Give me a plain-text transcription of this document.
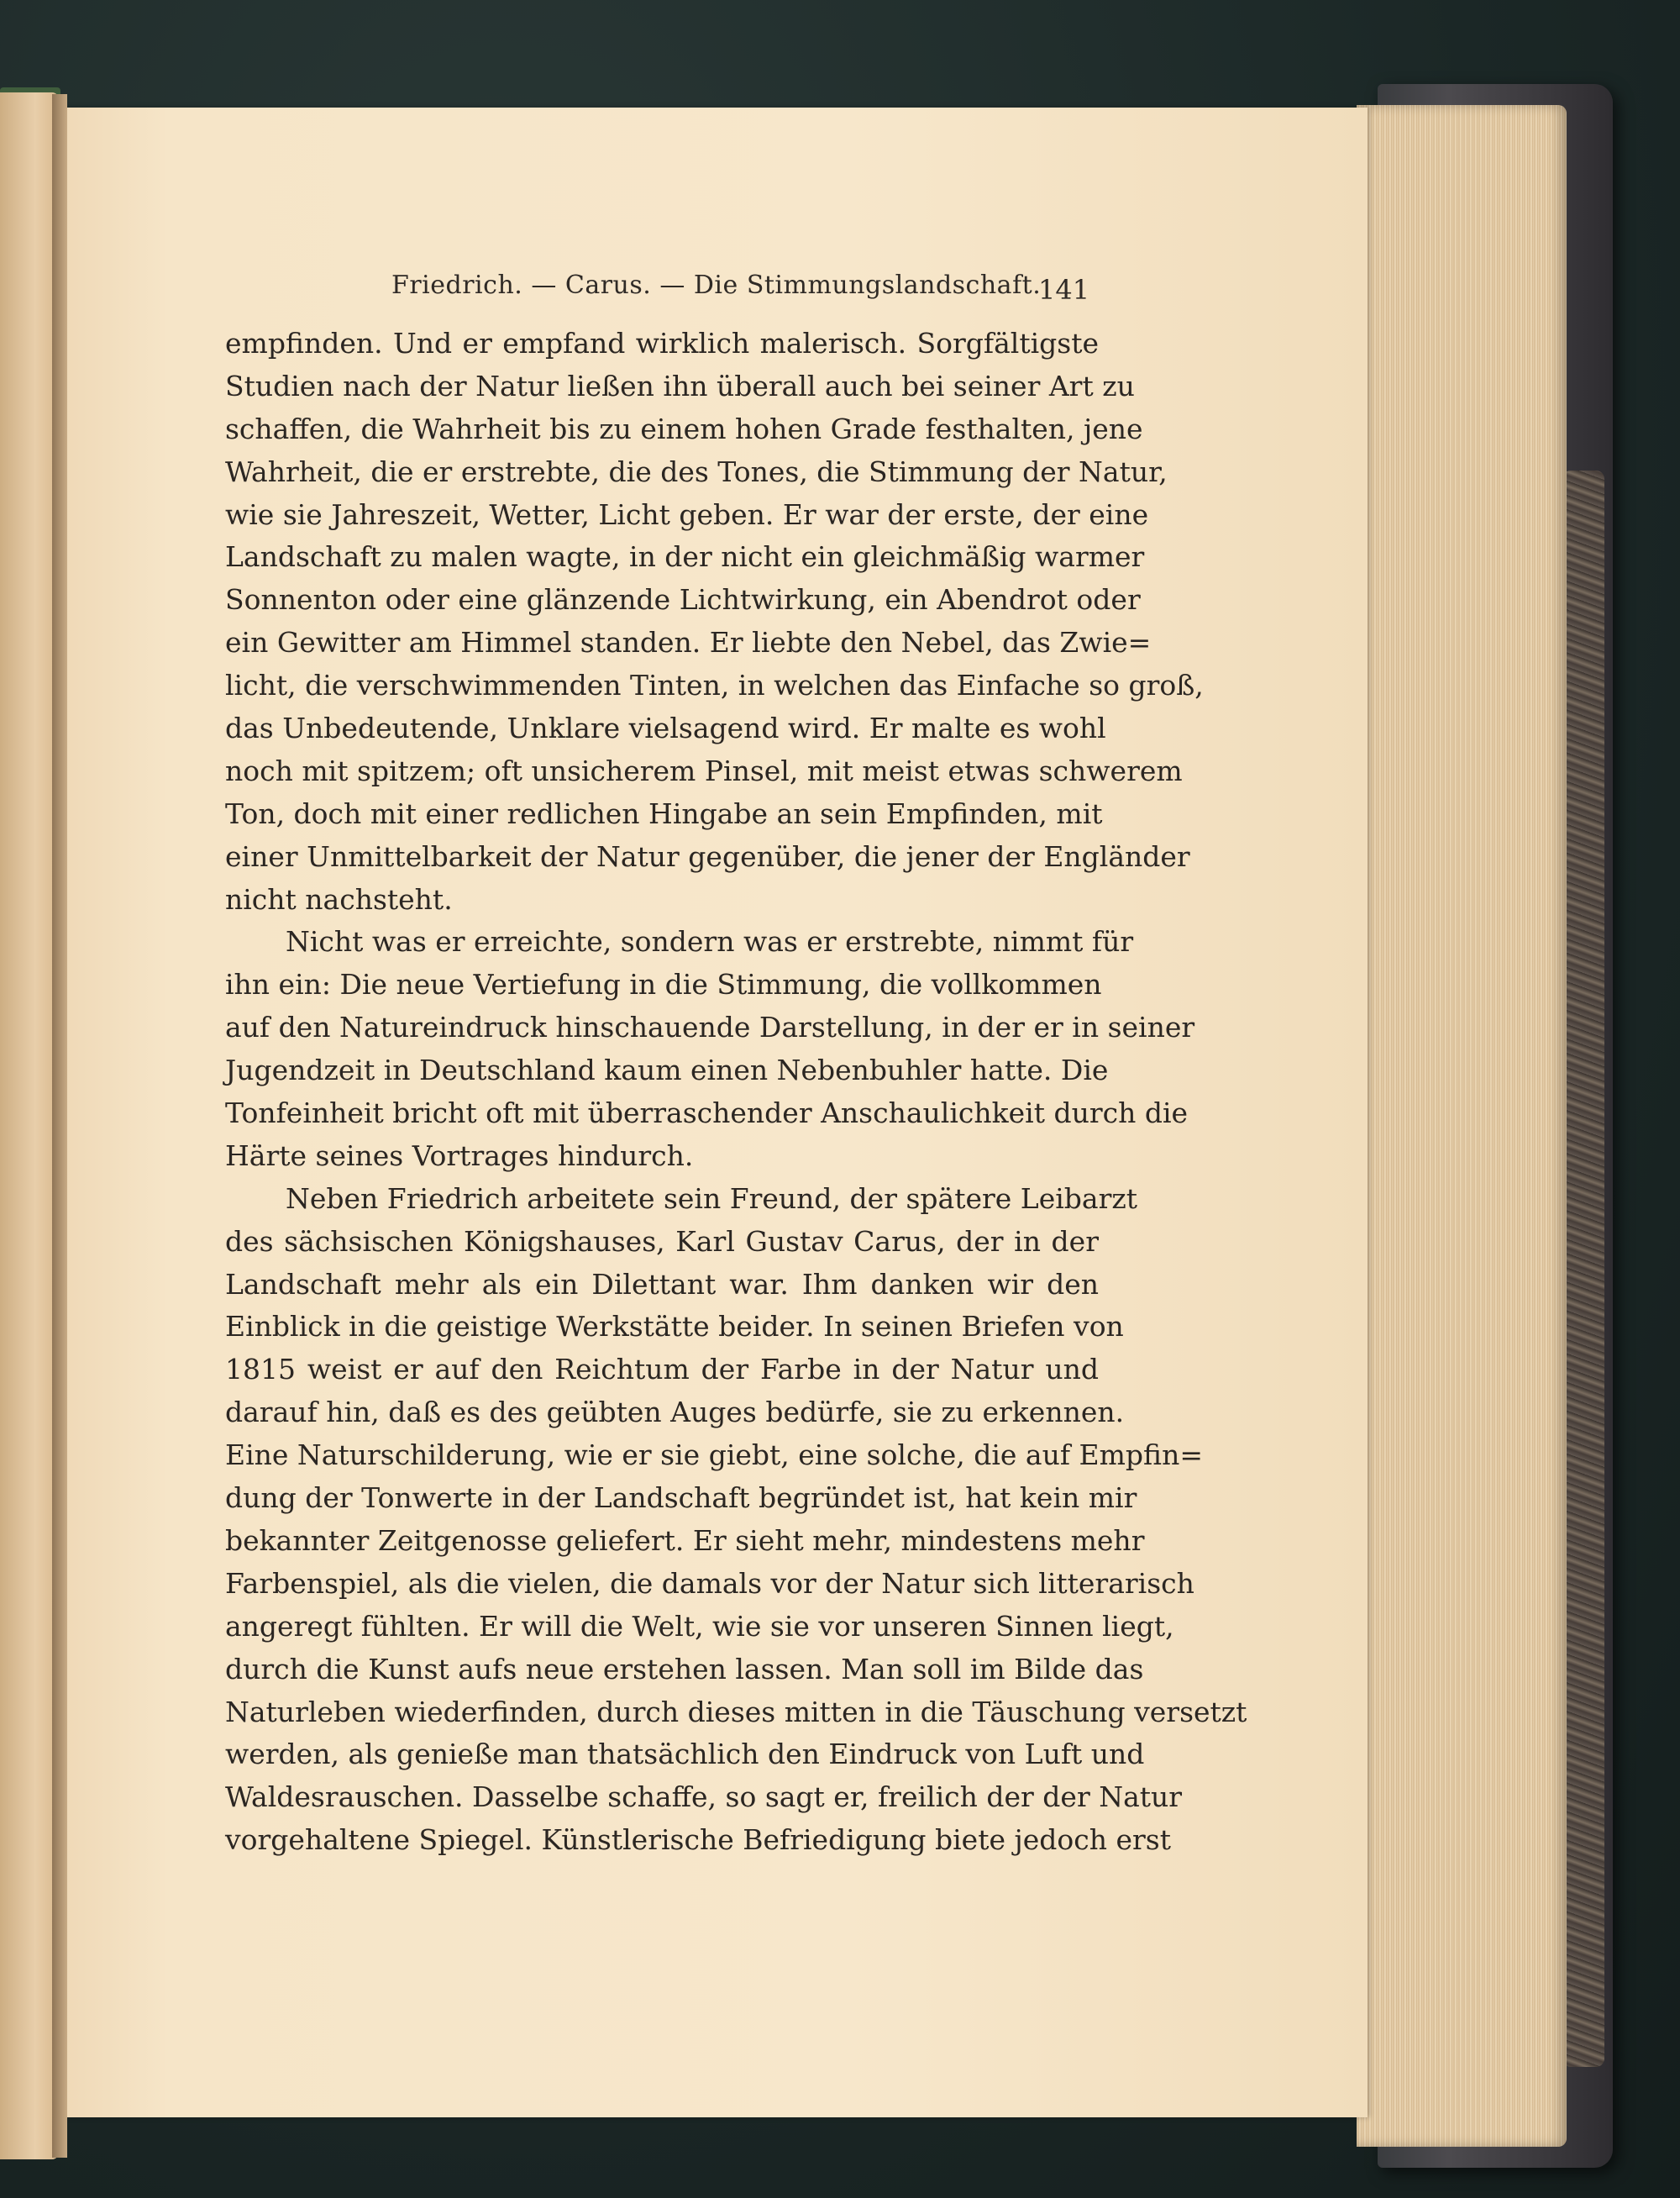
Friedrich. — Carus. — Die Stimmungslandschaft.
141
empfinden. Und er empfand wirklich malerisch. Sorgfältigste
Studien nach der Natur ließen ihn überall auch bei seiner Art zu
schaffen, die Wahrheit bis zu einem hohen Grade festhalten, jene
Wahrheit, die er erstrebte, die des Tones, die Stimmung der Natur,
wie sie Jahreszeit, Wetter, Licht geben. Er war der erste, der eine
Landschaft zu malen wagte, in der nicht ein gleichmäßig warmer
Sonnenton oder eine glänzende Lichtwirkung, ein Abendrot oder
ein Gewitter am Himmel standen. Er liebte den Nebel, das Zwie=
licht, die verschwimmenden Tinten, in welchen das Einfache so groß,
das Unbedeutende, Unklare vielsagend wird. Er malte es wohl
noch mit spitzem; oft unsicherem Pinsel, mit meist etwas schwerem
Ton, doch mit einer redlichen Hingabe an sein Empfinden, mit
einer Unmittelbarkeit der Natur gegenüber, die jener der Engländer
nicht nachsteht.
Nicht was er erreichte, sondern was er erstrebte, nimmt für
ihn ein: Die neue Vertiefung in die Stimmung, die vollkommen
auf den Natureindruck hinschauende Darstellung, in der er in seiner
Jugendzeit in Deutschland kaum einen Nebenbuhler hatte. Die
Tonfeinheit bricht oft mit überraschender Anschaulichkeit durch die
Härte seines Vortrages hindurch.
Neben Friedrich arbeitete sein Freund, der spätere Leibarzt
des sächsischen Königshauses, Karl Gustav Carus, der in der
Landschaft mehr als ein Dilettant war. Ihm danken wir den
Einblick in die geistige Werkstätte beider. In seinen Briefen von
1815 weist er auf den Reichtum der Farbe in der Natur und
darauf hin, daß es des geübten Auges bedürfe, sie zu erkennen.
Eine Naturschilderung, wie er sie giebt, eine solche, die auf Empfin=
dung der Tonwerte in der Landschaft begründet ist, hat kein mir
bekannter Zeitgenosse geliefert. Er sieht mehr, mindestens mehr
Farbenspiel, als die vielen, die damals vor der Natur sich litterarisch
angeregt fühlten. Er will die Welt, wie sie vor unseren Sinnen liegt,
durch die Kunst aufs neue erstehen lassen. Man soll im Bilde das
Naturleben wiederfinden, durch dieses mitten in die Täuschung versetzt
werden, als genieße man thatsächlich den Eindruck von Luft und
Waldesrauschen. Dasselbe schaffe, so sagt er, freilich der der Natur
vorgehaltene Spiegel. Künstlerische Befriedigung biete jedoch erst
